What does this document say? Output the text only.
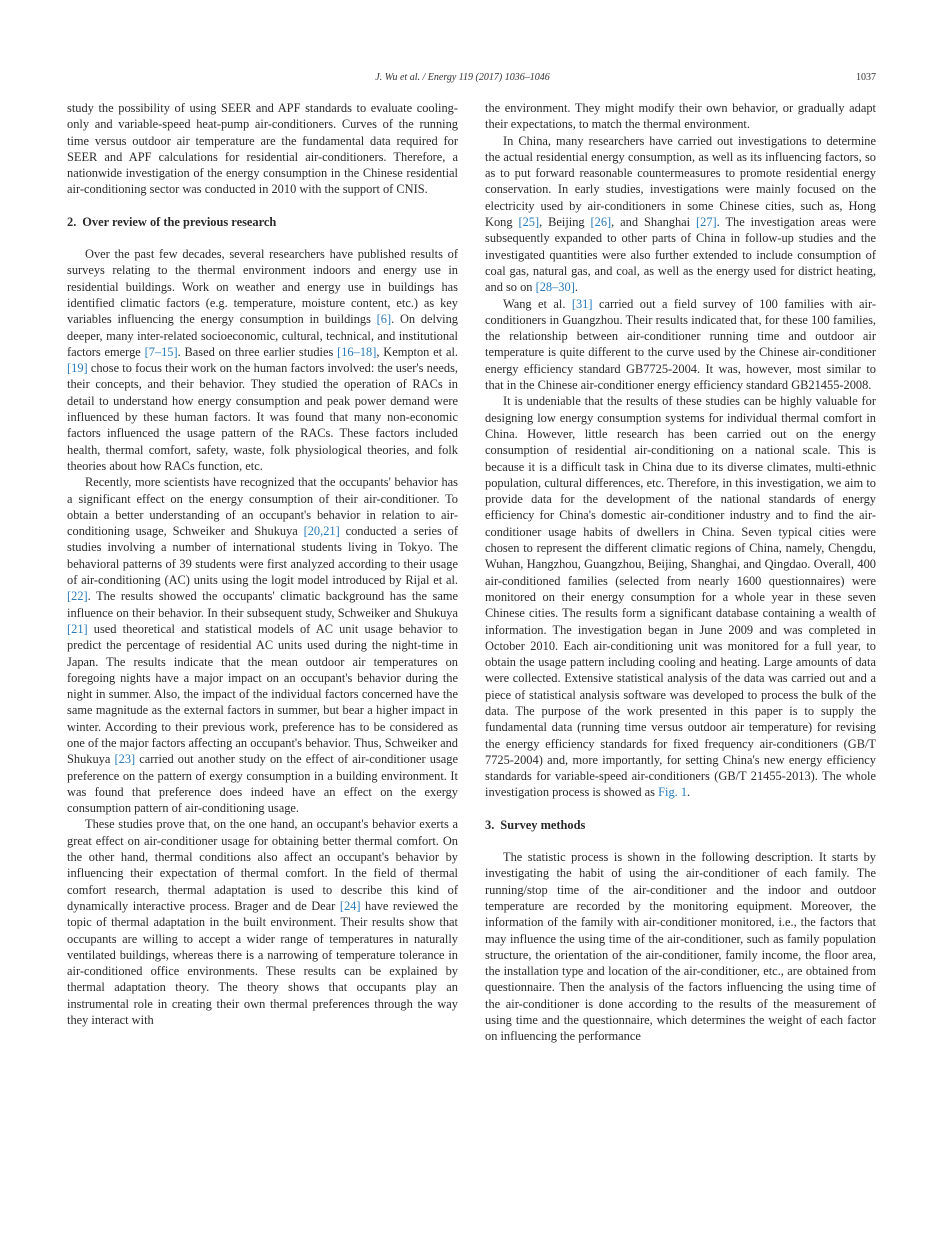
J. Wu et al. / Energy 119 (2017) 1036–1046	1037

study the possibility of using SEER and APF standards to evaluate cooling-only and variable-speed heat-pump air-conditioners. Curves of the running time versus outdoor air temperature are the fundamental data required for SEER and APF calculations for residential air-conditioners. Therefore, a nationwide investigation of the energy consumption in the Chinese residential air-conditioning sector was conducted in 2010 with the support of CNIS.

2. Over review of the previous research

Over the past few decades, several researchers have published results of surveys relating to the thermal environment indoors and energy use in residential buildings. Work on weather and energy use in buildings has identified climatic factors (e.g. temperature, moisture content, etc.) as key variables influencing the energy consumption in buildings [6]. On delving deeper, many inter-related socioeconomic, cultural, technical, and institutional factors emerge [7–15]. Based on three earlier studies [16–18], Kempton et al. [19] chose to focus their work on the human factors involved: the user's needs, their concepts, and their behavior. They studied the operation of RACs in detail to understand how energy consumption and peak power demand were influenced by these human factors. It was found that many non-economic factors influenced the usage pattern of the RACs. These factors included health, thermal comfort, safety, waste, folk physiological theories, and folk theories about how RACs function, etc.

Recently, more scientists have recognized that the occupants' behavior has a significant effect on the energy consumption of their air-conditioner. To obtain a better understanding of an occupant's behavior in relation to air-conditioning usage, Schweiker and Shukuya [20,21] conducted a series of studies involving a number of international students living in Tokyo. The behavioral patterns of 39 students were first analyzed according to their usage of air-conditioning (AC) units using the logit model introduced by Rijal et al. [22]. The results showed the occupants' climatic background has the same influence on their behavior. In their subsequent study, Schweiker and Shukuya [21] used theoretical and statistical models of AC unit usage behavior to predict the percentage of residential AC units used during the night-time in Japan. The results indicate that the mean outdoor air temperatures on foregoing nights have a major impact on an occupant's behavior during the night in summer. Also, the impact of the individual factors concerned have the same magnitude as the external factors in summer, but bear a higher impact in winter. According to their previous work, preference has to be considered as one of the major factors affecting an occupant's behavior. Thus, Schweiker and Shukuya [23] carried out another study on the effect of air-conditioner usage preference on the pattern of exergy consumption in a building environment. It was found that preference does indeed have an effect on the exergy consumption pattern of air-conditioning usage.

These studies prove that, on the one hand, an occupant's behavior exerts a great effect on air-conditioner usage for obtaining better thermal comfort. On the other hand, thermal conditions also affect an occupant's behavior by influencing their expectation of thermal comfort. In the field of thermal comfort research, thermal adaptation is used to describe this kind of dynamically interactive process. Brager and de Dear [24] have reviewed the topic of thermal adaptation in the built environment. Their results show that occupants are willing to accept a wider range of temperatures in naturally ventilated buildings, whereas there is a narrowing of temperature tolerance in air-conditioned office environments. These results can be explained by thermal adaptation theory. The theory shows that occupants play an instrumental role in creating their own thermal preferences through the way they interact with

the environment. They might modify their own behavior, or gradually adapt their expectations, to match the thermal environment.

In China, many researchers have carried out investigations to determine the actual residential energy consumption, as well as its influencing factors, so as to put forward reasonable countermeasures to promote residential energy conservation. In early studies, investigations were mainly focused on the electricity used by air-conditioners in some Chinese cities, such as, Hong Kong [25], Beijing [26], and Shanghai [27]. The investigation areas were subsequently expanded to other parts of China in follow-up studies and the investigated quantities were also further extended to include consumption of coal gas, natural gas, and coal, as well as the energy used for district heating, and so on [28–30].

Wang et al. [31] carried out a field survey of 100 families with air-conditioners in Guangzhou. Their results indicated that, for these 100 families, the relationship between air-conditioner running time and outdoor air temperature is quite different to the curve used by the Chinese air-conditioner energy efficiency standard GB7725-2004. It was, however, most similar to that in the Chinese air-conditioner energy efficiency standard GB21455-2008.

It is undeniable that the results of these studies can be highly valuable for designing low energy consumption systems for individual thermal comfort in China. However, little research has been carried out on the energy consumption of residential air-conditioning on a national scale. This is because it is a difficult task in China due to its diverse climates, multi-ethnic population, cultural differences, etc. Therefore, in this investigation, we aim to provide data for the development of the national standards of energy efficiency for China's domestic air-conditioner industry and to find the air-conditioner usage habits of dwellers in China. Seven typical cities were chosen to represent the different climatic regions of China, namely, Chengdu, Wuhan, Hangzhou, Guangzhou, Beijing, Shanghai, and Qingdao. Overall, 400 air-conditioned families (selected from nearly 1600 questionnaires) were monitored on their energy consumption for a whole year in these seven Chinese cities. The results form a significant database containing a wealth of information. The investigation began in June 2009 and was completed in October 2010. Each air-conditioning unit was monitored for a full year, to obtain the usage pattern including cooling and heating. Large amounts of data were collected. Extensive statistical analysis of the data was carried out and a piece of statistical analysis software was developed to process the bulk of the data. The purpose of the work presented in this paper is to supply the fundamental data (running time versus outdoor air temperature) for revising the energy efficiency standards for fixed frequency air-conditioners (GB/T 7725-2004) and, more importantly, for setting China's new energy efficiency standards for variable-speed air-conditioners (GB/T 21455-2013). The whole investigation process is showed as Fig. 1.

3. Survey methods

The statistic process is shown in the following description. It starts by investigating the habit of using the air-conditioner of each family. The running/stop time of the air-conditioner and the indoor and outdoor temperature are recorded by the monitoring equipment. Moreover, the information of the family with air-conditioner monitored, i.e., the factors that may influence the using time of the air-conditioner, such as family population structure, the orientation of the air-conditioner, family income, the floor area, the installation type and location of the air-conditioner, etc., are obtained from questionnaire. Then the analysis of the factors influencing the using time of the air-conditioner is done according to the results of the measurement of using time and the questionnaire, which determines the weight of each factor on influencing the performance
